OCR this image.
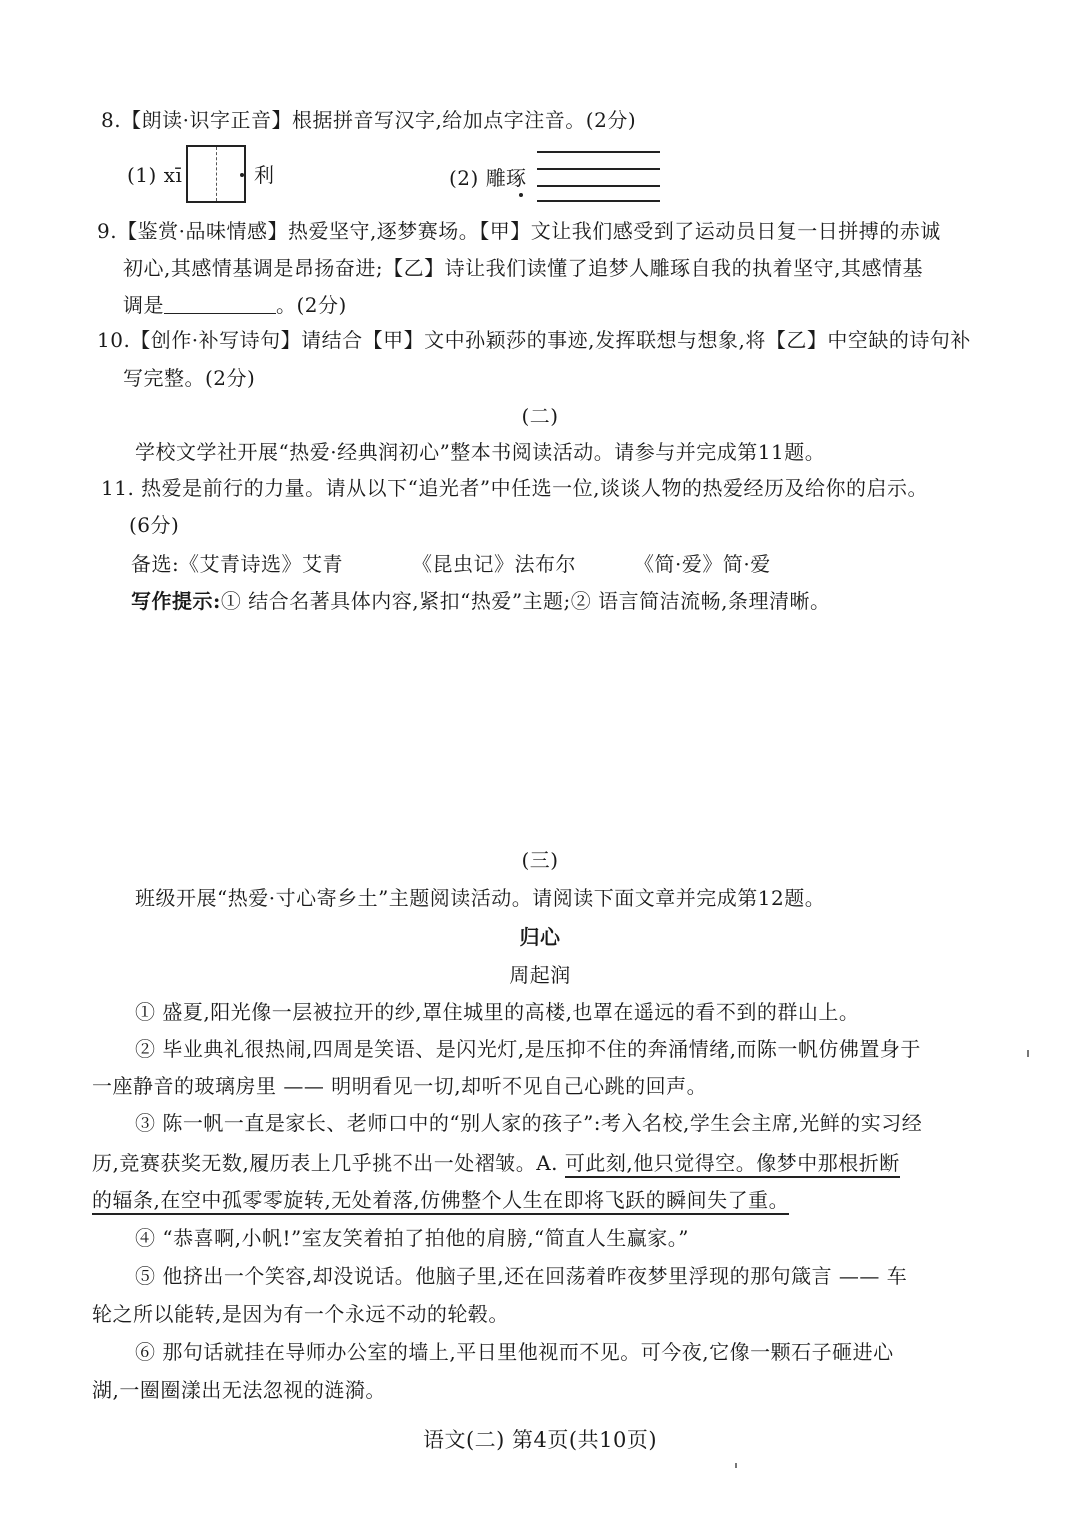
8.【朗读·识字正音】根据拼音写汉字,给加点字注音。(2分)
(1) xī	利	(2) 雕琢
9.【鉴赏·品味情感】热爱坚守,逐梦赛场。【甲】文让我们感受到了运动员日复一日拼搏的赤诚
初心,其感情基调是昂扬奋进;【乙】诗让我们读懂了追梦人雕琢自我的执着坚守,其感情基
调是	。(2分)
10.【创作·补写诗句】请结合【甲】文中孙颖莎的事迹,发挥联想与想象,将【乙】中空缺的诗句补
写完整。(2分)
(二)
学校文学社开展“热爱·经典润初心”整本书阅读活动。请参与并完成第11题。
11. 热爱是前行的力量。请从以下“追光者”中任选一位,谈谈人物的热爱经历及给你的启示。
(6分)
备选: 《艾青诗选》艾青	《昆虫记》法布尔	《简·爱》简·爱
写作提示:① 结合名著具体内容,紧扣“热爱”主题;② 语言简洁流畅,条理清晰。
(三)
班级开展“热爱·寸心寄乡土”主题阅读活动。请阅读下面文章并完成第12题。
归心
周起润
① 盛夏,阳光像一层被拉开的纱,罩住城里的高楼,也罩在遥远的看不到的群山上。
② 毕业典礼很热闹,四周是笑语、是闪光灯,是压抑不住的奔涌情绪,而陈一帆仿佛置身于
一座静音的玻璃房里 —— 明明看见一切,却听不见自己心跳的回声。
③ 陈一帆一直是家长、老师口中的“别人家的孩子”:考入名校,学生会主席,光鲜的实习经
历,竞赛获奖无数,履历表上几乎挑不出一处褶皱。A. 可此刻,他只觉得空。像梦中那根折断
的辐条,在空中孤零零旋转,无处着落,仿佛整个人生在即将飞跃的瞬间失了重。
④ “恭喜啊,小帆!”室友笑着拍了拍他的肩膀,“简直人生赢家。”
⑤ 他挤出一个笑容,却没说话。他脑子里,还在回荡着昨夜梦里浮现的那句箴言 —— 车
轮之所以能转,是因为有一个永远不动的轮毂。
⑥ 那句话就挂在导师办公室的墙上,平日里他视而不见。可今夜,它像一颗石子砸进心
湖,一圈圈漾出无法忽视的涟漪。
语文(二) 第4页(共10页)
